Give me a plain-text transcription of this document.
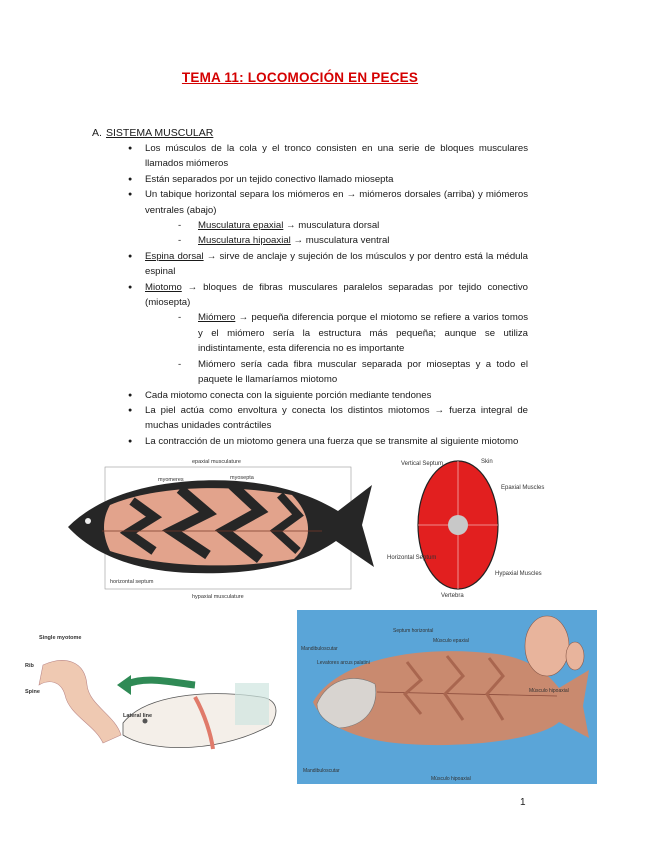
TEMA 11: LOCOMOCIÓN EN PECES
A. SISTEMA MUSCULAR
● Los músculos de la cola y el tronco consisten en una serie de bloques musculares llamados miómeros
● Están separados por un tejido conectivo llamado miosepta
● Un tabique horizontal separa los miómeros en → miómeros dorsales (arriba) y miómeros ventrales (abajo)
- Musculatura epaxial → musculatura dorsal
- Musculatura hipoaxial → musculatura ventral
● Espina dorsal → sirve de anclaje y sujeción de los músculos y por dentro está la médula espinal
● Miotomo → bloques de fibras musculares paralelos separadas por tejido conectivo (miosepta)
- Miómero → pequeña diferencia porque el miotomo se refiere a varios tomos y el miómero sería la estructura más pequeña; aunque se utiliza indistintamente, esta diferencia no es importante
- Miómero sería cada fibra muscular separada por mioseptas y a todo el paquete le llamaríamos miotomo
● Cada miotomo conecta con la siguiente porción mediante tendones
● La piel actúa como envoltura y conecta los distintos miotomos → fuerza integral de muchas unidades contráctiles
● La contracción de un miotomo genera una fuerza que se transmite al siguiente miotomo
epaxial musculature
myomeres	myosepta
horizontal septum
hypaxial musculature
Vertical Septum	Skin
Epaxial Muscles
Horizontal Septum
Hypaxial Muscles
Vertebra
Single myotome
Rib
Spine
Lateral line
Mandibuloscutar
Levatores arcus palatini
Septum horizontal
Músculo epaxial
Músculo hipoaxial
Músculo hipoaxial
Mandibuloscutar
1
